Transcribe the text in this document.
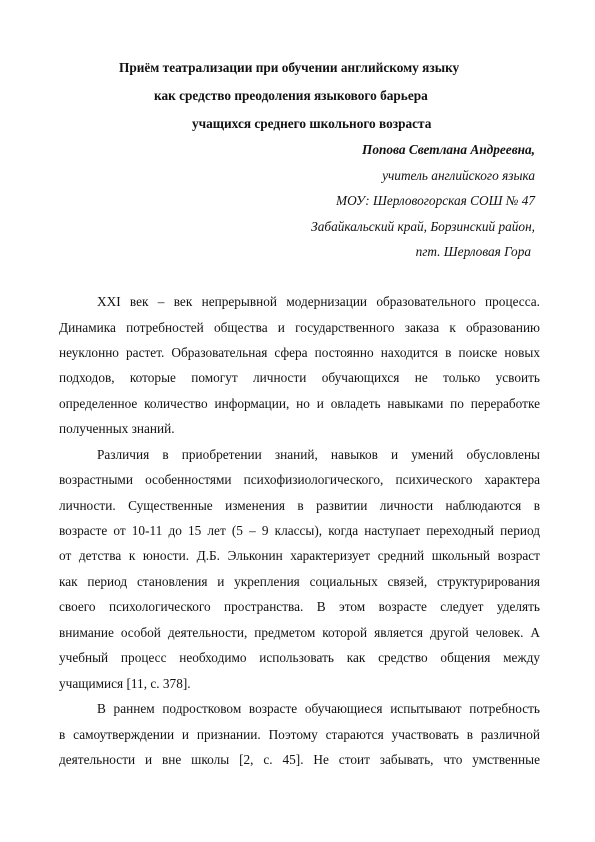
Приём театрализации при обучении английскому языку
как средство преодоления языкового барьера
учащихся среднего школьного возраста
Попова Светлана Андреевна,
учитель английского языка
МОУ: Шерловогорская СОШ № 47
Забайкальский край, Борзинский район,
пгт. Шерловая Гора
XXI век – век непрерывной модернизации образовательного процесса.
Динамика потребностей общества и государственного заказа к образованию
неуклонно растет. Образовательная сфера постоянно находится в поиске новых
подходов, которые помогут личности обучающихся не только усвоить
определенное количество информации, но и овладеть навыками по переработке
полученных знаний.
Различия в приобретении знаний, навыков и умений обусловлены
возрастными особенностями психофизиологического, психического характера
личности. Существенные изменения в развитии личности наблюдаются в
возрасте от 10-11 до 15 лет (5 – 9 классы), когда наступает переходный период
от детства к юности. Д.Б. Эльконин характеризует средний школьный возраст
как период становления и укрепления социальных связей, структурирования
своего психологического пространства. В этом возрасте следует уделять
внимание особой деятельности, предметом которой является другой человек. А
учебный процесс необходимо использовать как средство общения между
учащимися [11, с. 378].
В раннем подростковом возрасте обучающиеся испытывают потребность
в самоутверждении и признании. Поэтому стараются участвовать в различной
деятельности и вне школы [2, с. 45]. Не стоит забывать, что умственные
